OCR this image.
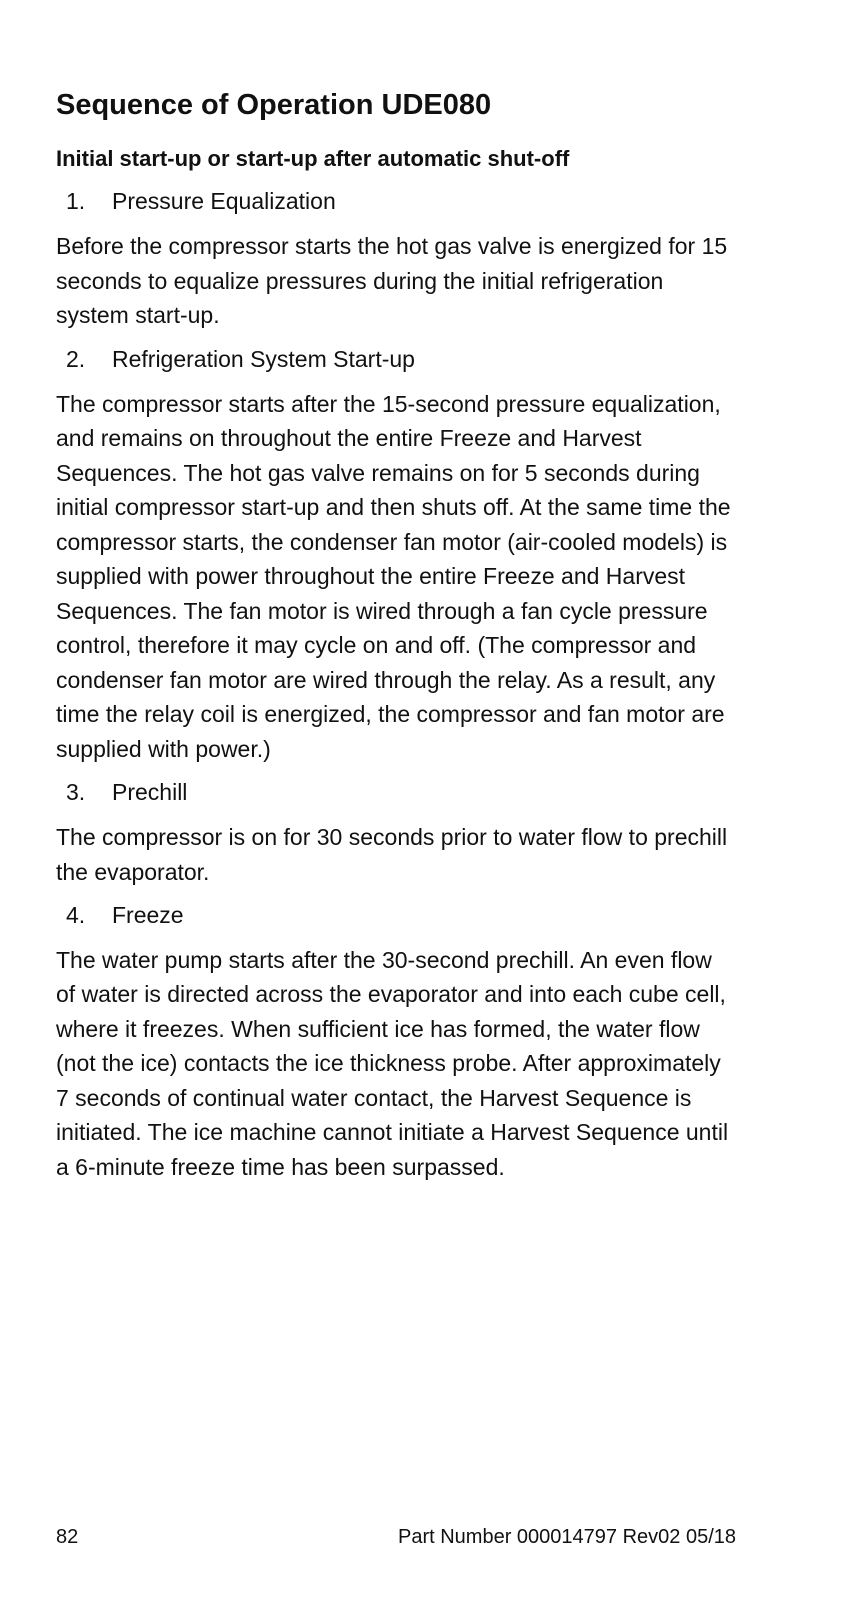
Sequence of Operation UDE080
Initial start-up or start-up after automatic shut-off
1.	Pressure Equalization

Before the compressor starts the hot gas valve is energized for 15 seconds to equalize pressures during the initial refrigeration system start-up.

2.	Refrigeration System Start-up

The compressor starts after the 15-second pressure equalization, and remains on throughout the entire Freeze and Harvest Sequences. The hot gas valve remains on for 5 seconds during initial compressor start-up and then shuts off. At the same time the compressor starts, the condenser fan motor (air-cooled models) is supplied with power throughout the entire Freeze and Harvest Sequences. The fan motor is wired through a fan cycle pressure control, therefore it may cycle on and off. (The compressor and condenser fan motor are wired through the relay. As a result, any time the relay coil is energized, the compressor and fan motor are supplied with power.)

3.	Prechill

The compressor is on for 30 seconds prior to water flow to prechill the evaporator.

4.	Freeze

The water pump starts after the 30-second prechill. An even flow of water is directed across the evaporator and into each cube cell, where it freezes. When sufficient ice has formed, the water flow (not the ice) contacts the ice thickness probe. After approximately 7 seconds of continual water contact, the Harvest Sequence is initiated. The ice machine cannot initiate a Harvest Sequence until a 6-minute freeze time has been surpassed.

82	Part Number 000014797 Rev02 05/18
